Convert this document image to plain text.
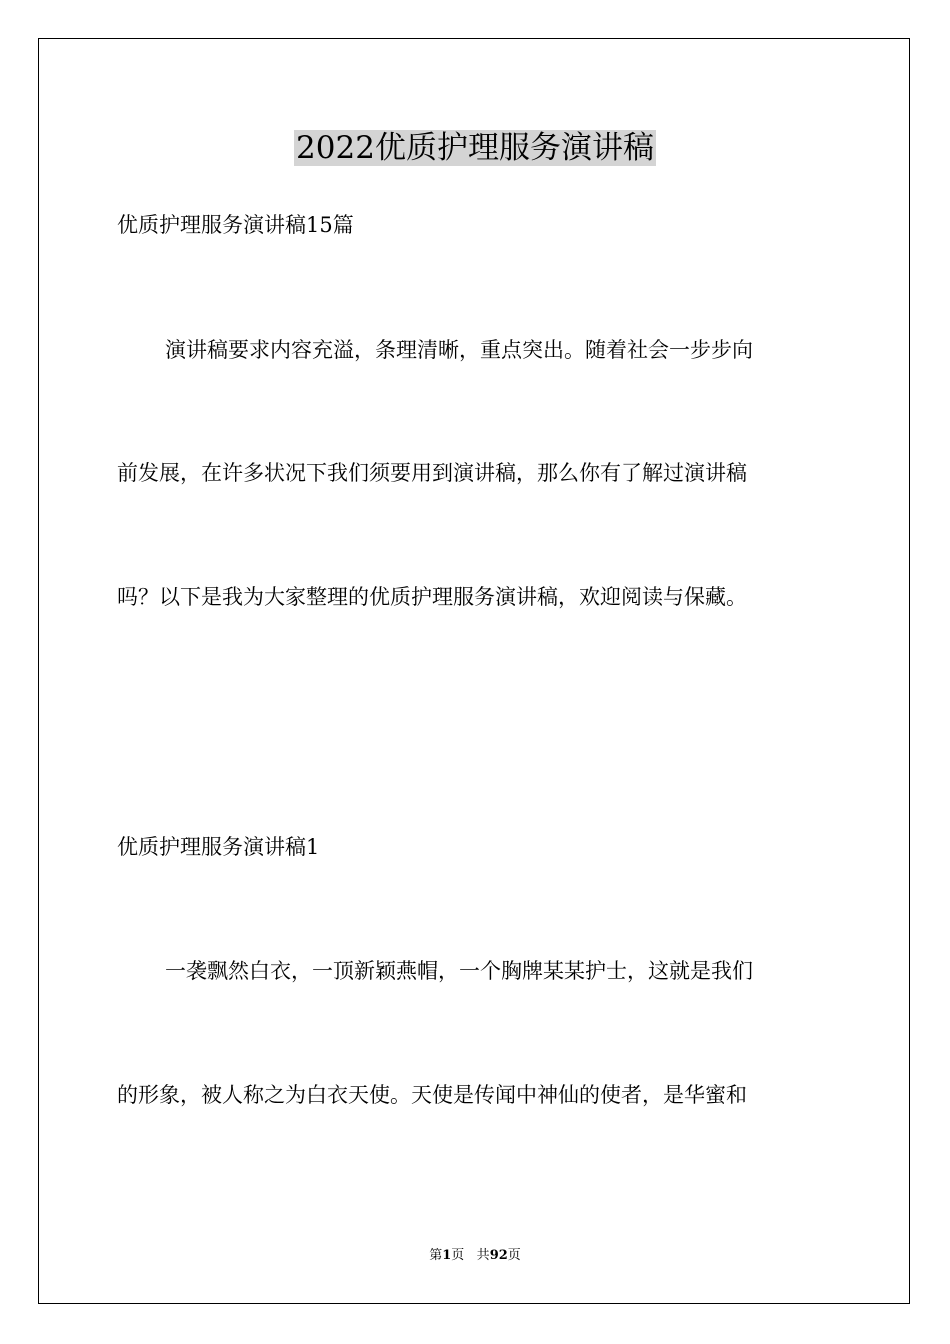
2022优质护理服务演讲稿

优质护理服务演讲稿15篇

演讲稿要求内容充溢，条理清晰，重点突出。随着社会一步步向

前发展，在许多状况下我们须要用到演讲稿，那么你有了解过演讲稿

吗？以下是我为大家整理的优质护理服务演讲稿，欢迎阅读与保藏。

优质护理服务演讲稿1

一袭飘然白衣，一顶新颖燕帽，一个胸牌某某护士，这就是我们

的形象，被人称之为白衣天使。天使是传闻中神仙的使者，是华蜜和

第1页 共92页
